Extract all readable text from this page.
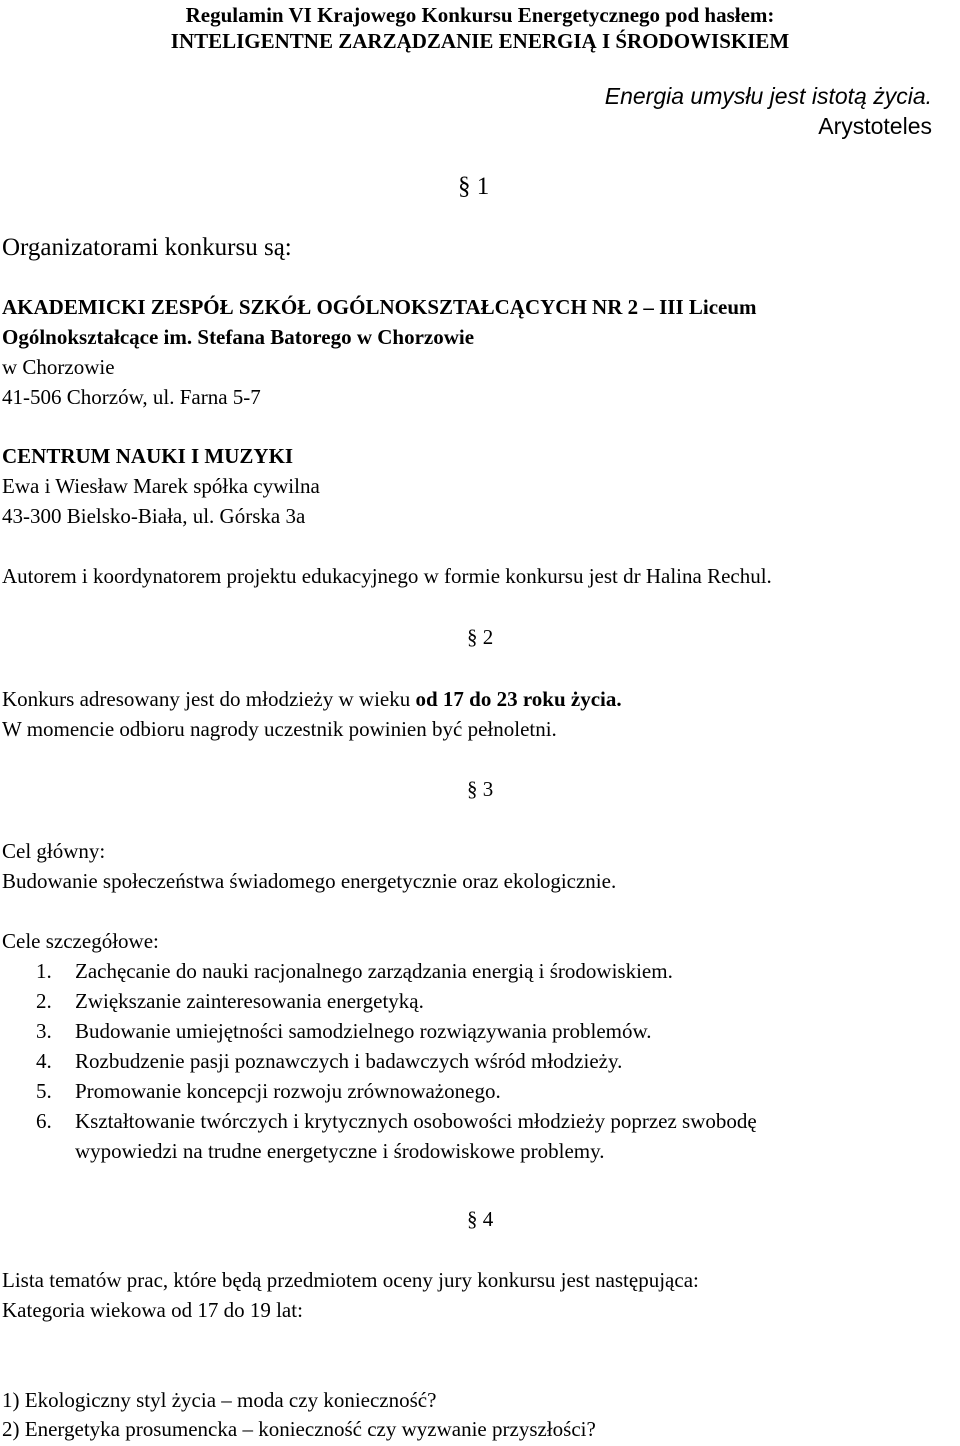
Regulamin VI Krajowego Konkursu Energetycznego pod hasłem:
INTELIGENTNE ZARZĄDZANIE ENERGIĄ I ŚRODOWISKIEM
Energia umysłu jest istotą życia.
Arystoteles
§ 1
Organizatorami konkursu są:
AKADEMICKI ZESPÓŁ SZKÓŁ OGÓLNOKSZTAŁCĄCYCH NR 2 – III Liceum
Ogólnokształcące im. Stefana Batorego w Chorzowie
w Chorzowie
41-506 Chorzów, ul. Farna 5-7
CENTRUM NAUKI I MUZYKI
Ewa i Wiesław Marek spółka cywilna
43-300 Bielsko-Biała, ul. Górska 3a
Autorem i koordynatorem projektu edukacyjnego w formie konkursu jest dr Halina Rechul.
§ 2
Konkurs adresowany jest do młodzieży w wieku od 17 do 23 roku życia.
W momencie odbioru nagrody uczestnik powinien być pełnoletni.
§ 3
Cel główny:
Budowanie społeczeństwa świadomego energetycznie oraz ekologicznie.
Cele szczegółowe:
1. Zachęcanie do nauki racjonalnego zarządzania energią i środowiskiem.
2. Zwiększanie zainteresowania energetyką.
3. Budowanie umiejętności samodzielnego rozwiązywania problemów.
4. Rozbudzenie pasji poznawczych i badawczych wśród młodzieży.
5. Promowanie koncepcji rozwoju zrównoważonego.
6. Kształtowanie twórczych i krytycznych osobowości młodzieży poprzez swobodę
wypowiedzi na trudne energetyczne i środowiskowe problemy.
§ 4
Lista tematów prac, które będą przedmiotem oceny jury konkursu jest następująca:
Kategoria wiekowa od 17 do 19 lat:
1) Ekologiczny styl życia – moda czy konieczność?
2) Energetyka prosumencka – konieczność czy wyzwanie przyszłości?
